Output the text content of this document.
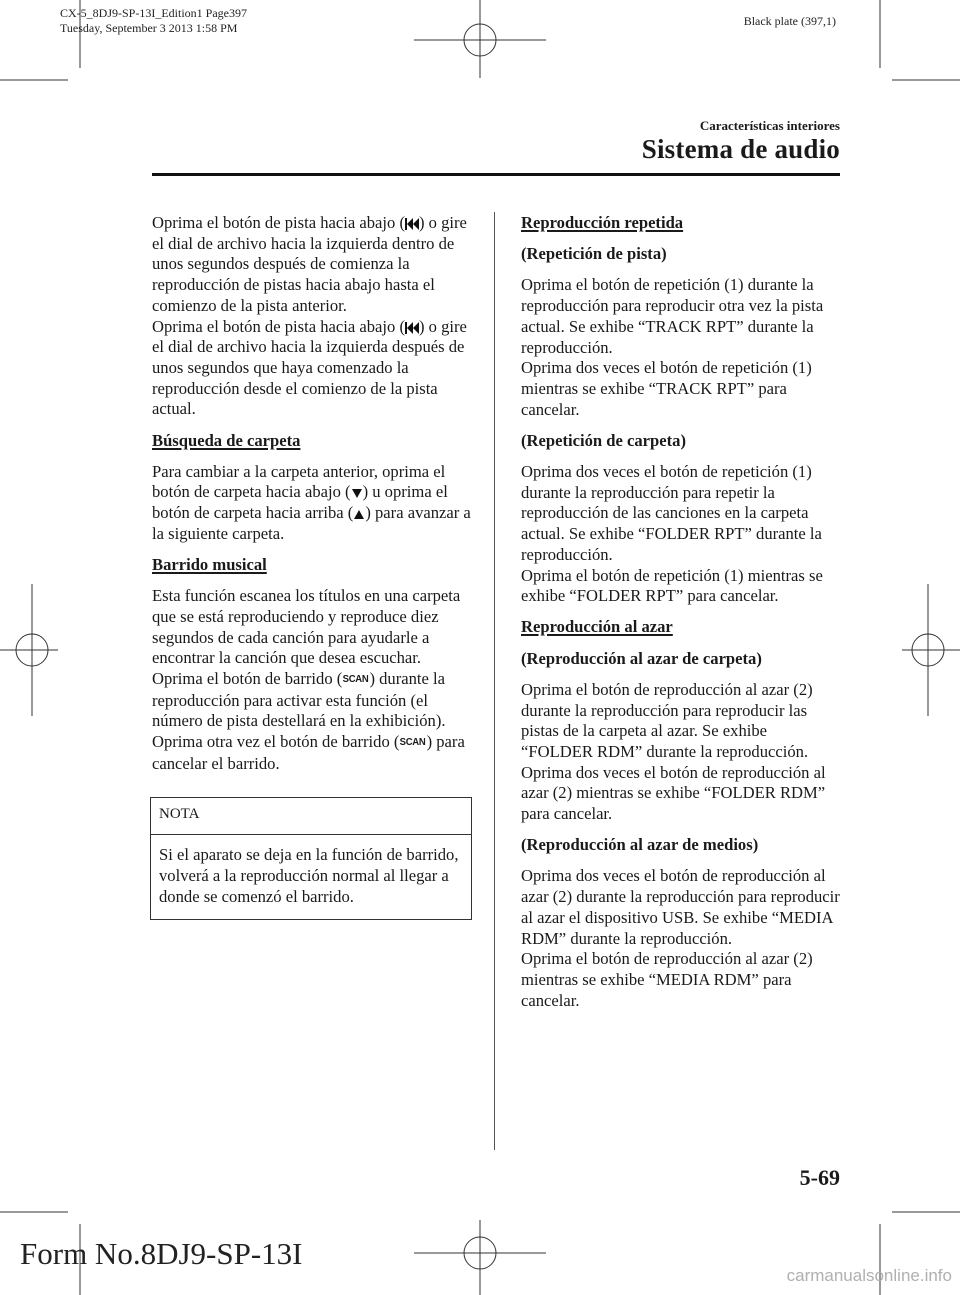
CX-5_8DJ9-SP-13I_Edition1 Page397
Tuesday, September 3 2013 1:58 PM	Black plate (397,1)
Características interiores
Sistema de audio

Oprima el botón de pista hacia abajo ( ) o gire el dial de archivo hacia la izquierda dentro de unos segundos después de comienza la reproducción de pistas hacia abajo hasta el comienzo de la pista anterior.

Oprima el botón de pista hacia abajo ( ) o gire el dial de archivo hacia la izquierda después de unos segundos que haya comenzado la reproducción desde el comienzo de la pista actual.

Búsqueda de carpeta

Para cambiar a la carpeta anterior, oprima el botón de carpeta hacia abajo ( ) u oprima el botón de carpeta hacia arriba ( ) para avanzar a la siguiente carpeta.

Barrido musical

Esta función escanea los títulos en una carpeta que se está reproduciendo y reproduce diez segundos de cada canción para ayudarle a encontrar la canción que desea escuchar.

Oprima el botón de barrido (SCAN) durante la reproducción para activar esta función (el número de pista destellará en la exhibición). Oprima otra vez el botón de barrido (SCAN) para cancelar el barrido.

NOTA
Si el aparato se deja en la función de barrido, volverá a la reproducción normal al llegar a donde se comenzó el barrido.

Reproducción repetida

(Repetición de pista)

Oprima el botón de repetición (1) durante la reproducción para reproducir otra vez la pista actual. Se exhibe “TRACK RPT” durante la reproducción.

Oprima dos veces el botón de repetición (1) mientras se exhibe “TRACK RPT” para cancelar.

(Repetición de carpeta)

Oprima dos veces el botón de repetición (1) durante la reproducción para repetir la reproducción de las canciones en la carpeta actual. Se exhibe “FOLDER RPT” durante la reproducción.

Oprima el botón de repetición (1) mientras se exhibe “FOLDER RPT” para cancelar.

Reproducción al azar

(Reproducción al azar de carpeta)

Oprima el botón de reproducción al azar (2) durante la reproducción para reproducir las pistas de la carpeta al azar. Se exhibe “FOLDER RDM” durante la reproducción.

Oprima dos veces el botón de reproducción al azar (2) mientras se exhibe “FOLDER RDM” para cancelar.

(Reproducción al azar de medios)

Oprima dos veces el botón de reproducción al azar (2) durante la reproducción para reproducir al azar el dispositivo USB. Se exhibe “MEDIA RDM” durante la reproducción.

Oprima el botón de reproducción al azar (2) mientras se exhibe “MEDIA RDM” para cancelar.

5-69
Form No.8DJ9-SP-13I
carmanualsonline.info
